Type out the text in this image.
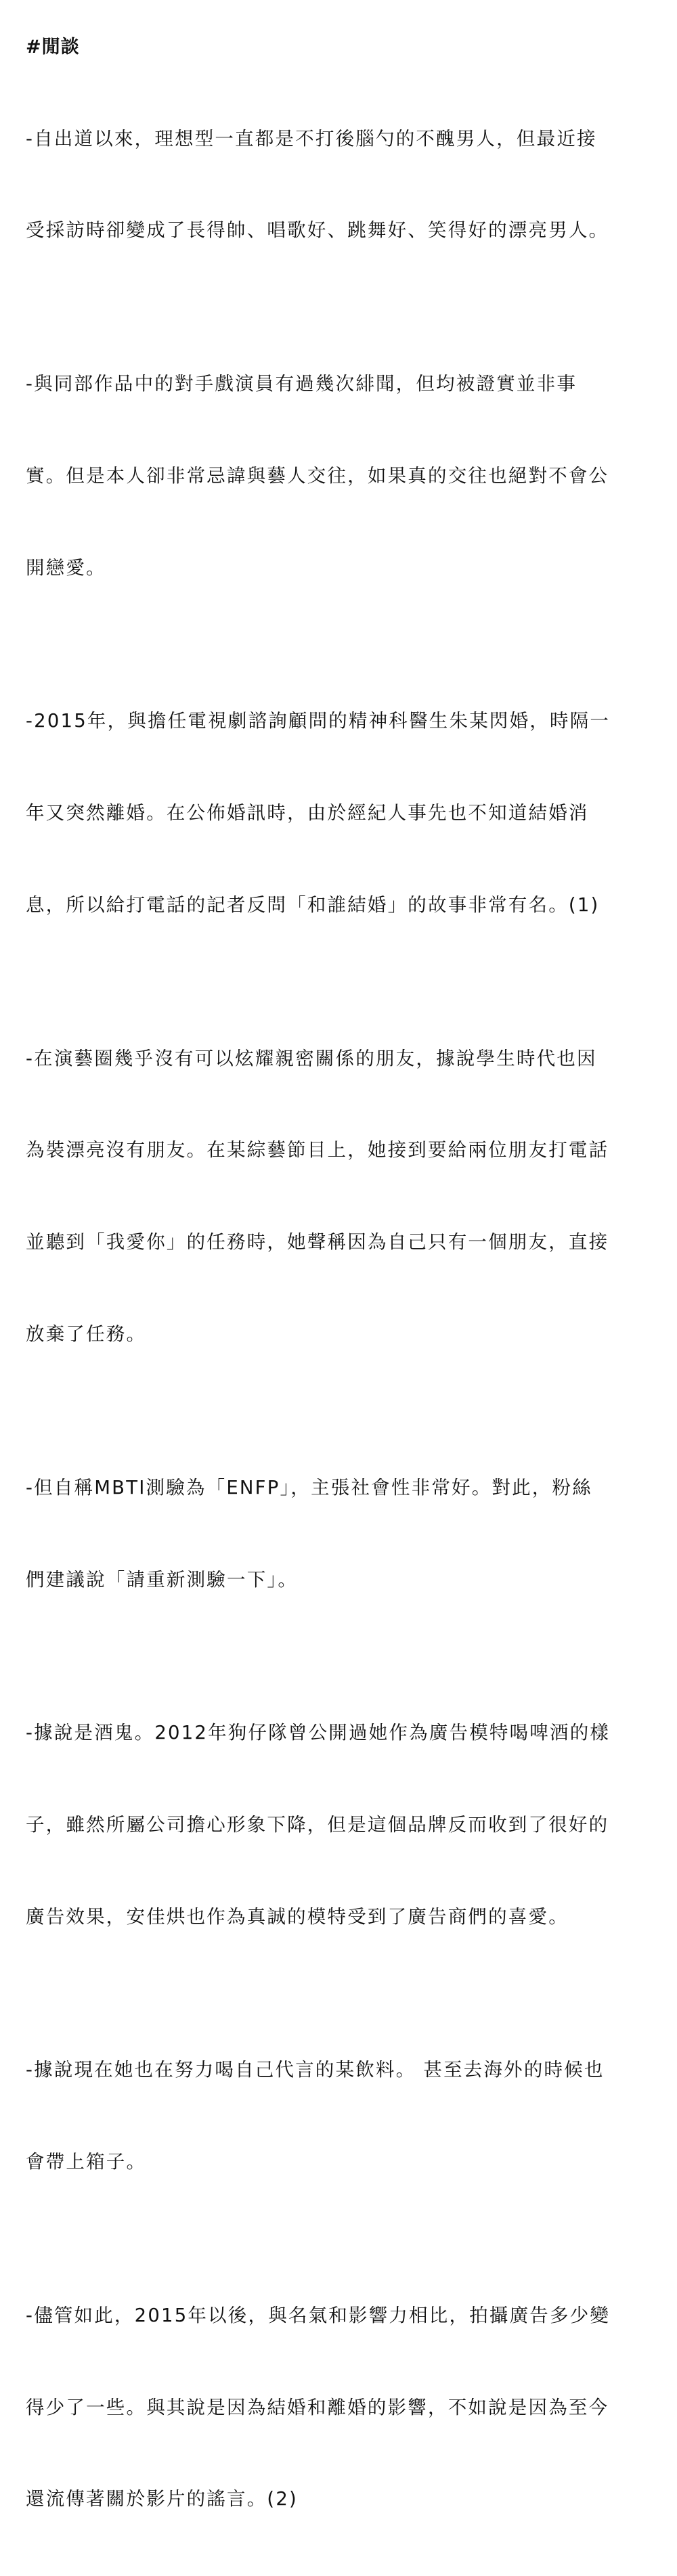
#閒談

-自出道以來，理想型一直都是不打後腦勺的不醜男人，但最近接

受採訪時卻變成了長得帥、唱歌好、跳舞好、笑得好的漂亮男人。

-與同部作品中的對手戲演員有過幾次緋聞，但均被證實並非事

實。但是本人卻非常忌諱與藝人交往，如果真的交往也絕對不會公

開戀愛。

-2015年，與擔任電視劇諮詢顧問的精神科醫生朱某閃婚，時隔一

年又突然離婚。在公佈婚訊時，由於經紀人事先也不知道結婚消

息，所以給打電話的記者反問「和誰結婚」的故事非常有名。(1)

-在演藝圈幾乎沒有可以炫耀親密關係的朋友，據說學生時代也因

為裝漂亮沒有朋友。在某綜藝節目上，她接到要給兩位朋友打電話

並聽到「我愛你」的任務時，她聲稱因為自己只有一個朋友，直接

放棄了任務。

-但自稱MBTI測驗為「ENFP」，主張社會性非常好。對此，粉絲

們建議說「請重新測驗一下」。

-據說是酒鬼。2012年狗仔隊曾公開過她作為廣告模特喝啤酒的樣

子，雖然所屬公司擔心形象下降，但是這個品牌反而收到了很好的

廣告效果，安佳烘也作為真誠的模特受到了廣告商們的喜愛。

-據說現在她也在努力喝自己代言的某飲料。 甚至去海外的時候也

會帶上箱子。

-儘管如此，2015年以後，與名氣和影響力相比，拍攝廣告多少變

得少了一些。與其說是因為結婚和離婚的影響，不如說是因為至今

還流傳著關於影片的謠言。(2)
